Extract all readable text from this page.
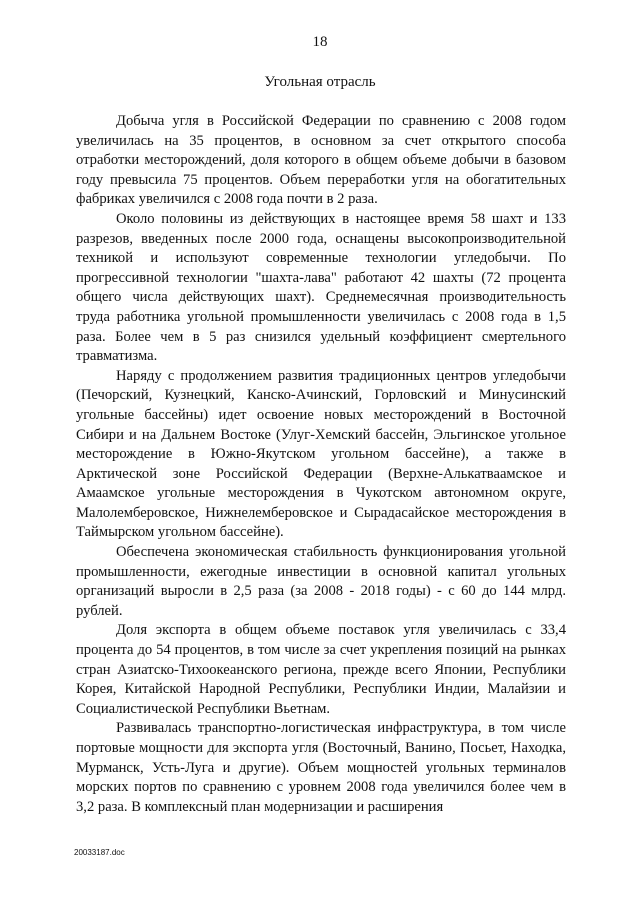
18
Угольная отрасль

Добыча угля в Российской Федерации по сравнению с 2008 годом увеличилась на 35 процентов, в основном за счет открытого способа отработки месторождений, доля которого в общем объеме добычи в базовом году превысила 75 процентов. Объем переработки угля на обогатительных фабриках увеличился с 2008 года почти в 2 раза.

Около половины из действующих в настоящее время 58 шахт и 133 разрезов, введенных после 2000 года, оснащены высокопроизводительной техникой и используют современные технологии угледобычи. По прогрессивной технологии "шахта-лава" работают 42 шахты (72 процента общего числа действующих шахт). Среднемесячная производительность труда работника угольной промышленности увеличилась с 2008 года в 1,5 раза. Более чем в 5 раз снизился удельный коэффициент смертельного травматизма.

Наряду с продолжением развития традиционных центров угледобычи (Печорский, Кузнецкий, Канско-Ачинский, Горловский и Минусинский угольные бассейны) идет освоение новых месторождений в Восточной Сибири и на Дальнем Востоке (Улуг-Хемский бассейн, Эльгинское угольное месторождение в Южно-Якутском угольном бассейне), а также в Арктической зоне Российской Федерации (Верхне-Алькатваамское и Амаамское угольные месторождения в Чукотском автономном округе, Малолемберовское, Нижнелемберовское и Сырадасайское месторождения в Таймырском угольном бассейне).

Обеспечена экономическая стабильность функционирования угольной промышленности, ежегодные инвестиции в основной капитал угольных организаций выросли в 2,5 раза (за 2008 - 2018 годы) - с 60 до 144 млрд. рублей.

Доля экспорта в общем объеме поставок угля увеличилась с 33,4 процента до 54 процентов, в том числе за счет укрепления позиций на рынках стран Азиатско-Тихоокеанского региона, прежде всего Японии, Республики Корея, Китайской Народной Республики, Республики Индии, Малайзии и Социалистической Республики Вьетнам.

Развивалась транспортно-логистическая инфраструктура, в том числе портовые мощности для экспорта угля (Восточный, Ванино, Посьет, Находка, Мурманск, Усть-Луга и другие). Объем мощностей угольных терминалов морских портов по сравнению с уровнем 2008 года увеличился более чем в 3,2 раза. В комплексный план модернизации и расширения

20033187.doc
